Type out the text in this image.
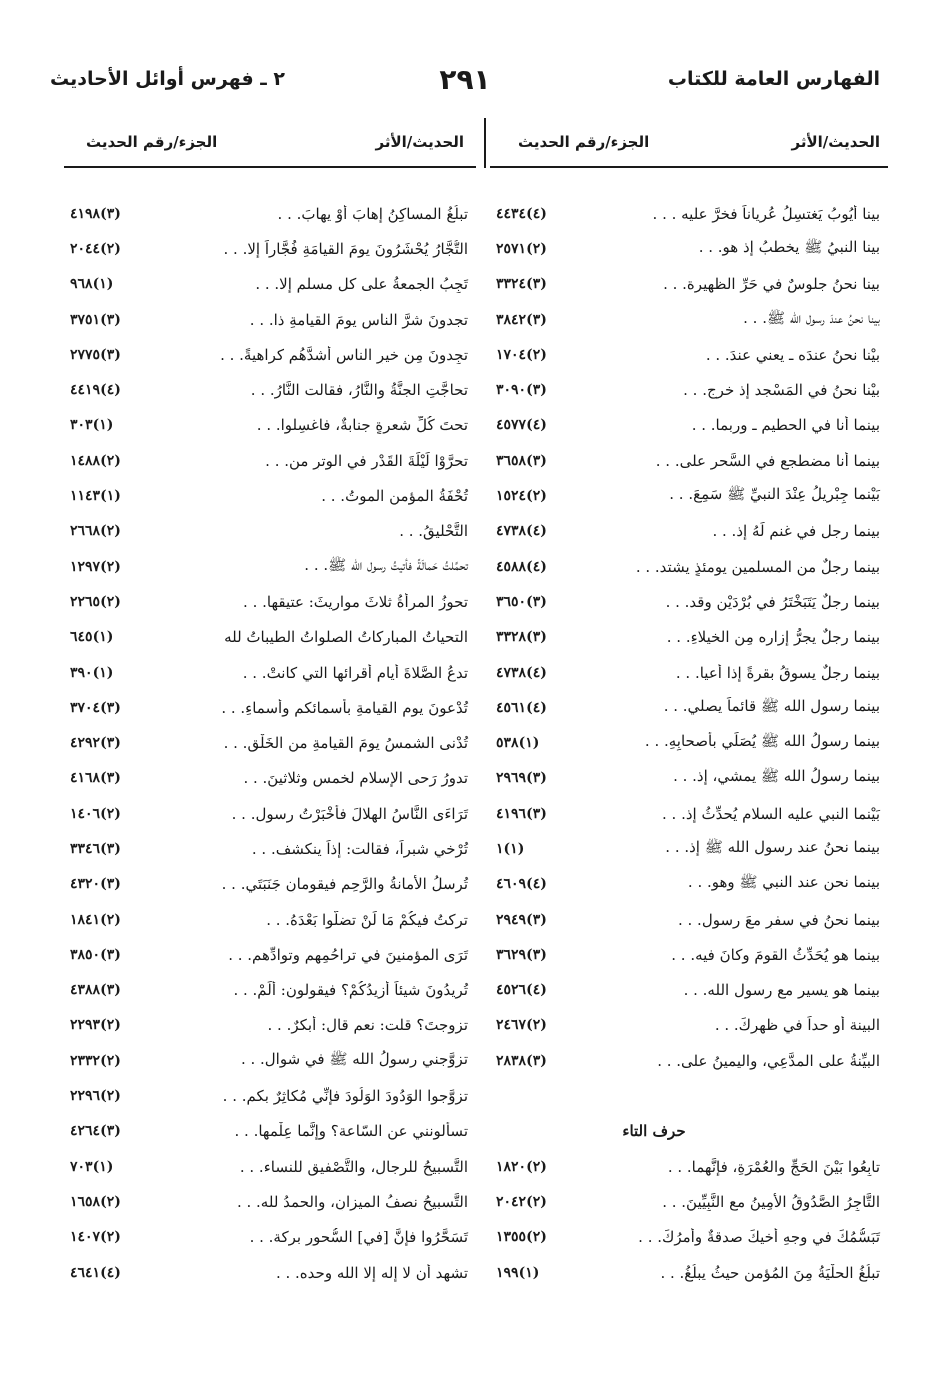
الفهارس العامة للكتاب
٢٩١
٢ ـ فهرس أوائل الأحاديث
الحديث/الأثر
الجزء/رقم الحديث
الحديث/الأثر
الجزء/رقم الحديث
بينا أيُوبُ يَغتسِلُ عُرياناً فخرَّ عليه . . .
(٤)٤٤٣٤
بينا النبيُ ﷺ يخطبُ إذ هو. . .
(٢)٢٥٧١
بينا نحنُ جلوسٌ في حَرِّ الظهيرة. . .
(٣)٣٣٢٤
بينا نحنُ عندَ رسول الله ﷺ. . .
(٣)٣٨٤٢
بيْنا نحنُ عندَه ـ يعني عندَ. . .
(٢)١٧٠٤
بيْنا نحنُ في المَسْجد إذ خرج. . .
(٣)٣٠٩٠
بينما أنا في الحطيم ـ وربما. . .
(٤)٤٥٧٧
بينما أنا مضطجع في السَّحر على. . .
(٣)٣٦٥٨
بَيْنما جِبْريلُ عِنْدَ النبيِّ ﷺ سَمِعَ. . .
(٢)١٥٢٤
بينما رجل في غنمٍ لَهُ إذ. . .
(٤)٤٧٣٨
بينما رجلٌ من المسلمين يومئذٍ يشتد. . .
(٤)٤٥٨٨
بينما رجلٌ يَتَبَخْتَرُ في بُرْدَيْن وقد. . .
(٣)٣٦٥٠
بينما رجلٌ يجرُّ إزاره مِن الخيلاءِ. . .
(٣)٣٣٢٨
بينما رجلٌ يسوقُ بقرةً إذا أعيا. . .
(٤)٤٧٣٨
بينما رسول الله ﷺ قائماً يصلي. . .
(٤)٤٥٦١
بينما رسولُ الله ﷺ يُصَلِّي بأصحابِهِ. . .
(١)٥٣٨
بينما رسولُ الله ﷺ يمشي، إذ. . .
(٣)٢٩٦٩
بَيْنما النبي عليه السلام يُحدِّثُ إذ. . .
(٣)٤١٩٦
بينما نحنُ عند رسول الله ﷺ إذ. . .
(١)١
بينما نحن عند النبي ﷺ وهو. . .
(٤)٤٦٠٩
بينما نحنُ في سفرٍ معَ رسول. . .
(٣)٢٩٤٩
بينما هو يُحَدِّثُ القومَ وكانَ فيه. . .
(٣)٣٦٢٩
بينما هو يسير مع رسول الله. . .
(٤)٤٥٢٦
البينة أو حداً في ظهرِكَ. . .
(٢)٢٤٦٧
البيِّنةُ على المدَّعِي، واليمينُ على. . .
(٣)٢٨٣٨
حرف التاء
تابِعُوا بَيْنَ الحَجِّ والعُمْرَةِ، فإنَّهما. . .
(٢)١٨٢٠
التَّاجِرُ الصَّدُوقُ الأَمِينُ مع النَّبِيِّينَ. . .
(٢)٢٠٤٢
تَبَسُّمُكَ في وجهِ أخيكَ صدقةٌ وأمرُكَ. . .
(٢)١٣٥٥
تبلُغُ الحلْيَةُ مِنَ المُؤمنِ حيثُ يبلُغُ. . .
(١)١٩٩
تبلُغُ المساكِنُ إهابَ أوْ يهابَ. . .
(٣)٤١٩٨
التُّجَّارُ يُحْشَرُونَ يومَ القيامَةِ فُجَّاراً إلا. . .
(٢)٢٠٤٤
تَجِبُ الجمعةُ على كل مسلمٍ إلا. . .
(١)٩٦٨
تجدونَ شرَّ الناسِ يومَ القيامةِ ذا. . .
(٣)٣٧٥١
تجِدونَ مِن خيرِ الناسِ أشدَّهُم كراهيةً. . .
(٣)٢٧٧٥
تحاجَّتِ الجنَّةُ والنَّارُ، فقالت النَّارُ. . .
(٤)٤٤١٩
تحتَ كُلِّ شعرةٍ جنابةٌ، فاغسِلوا. . .
(١)٣٠٣
تحرَّوْا لَيْلَةَ القَدْرِ في الوترِ من. . .
(٢)١٤٨٨
تُحْفَةُ المؤمنِ الموتُ. . .
(١)١١٤٣
التَّحْليقُ. . .
(٢)٢٦٦٨
تحمَّلتُ حَمالَةً فأتيتُ رسول الله ﷺ. . .
(٢)١٢٩٧
تحوزُ المرأةُ ثلاثَ مواريثَ: عتيقها. . .
(٢)٢٢٦٥
التحياتُ المباركاتُ الصلواتُ الطيباتُ لله
(١)٦٤٥
تدعُ الصَّلاةَ أيام أقرائها التي كانتْ. . .
(١)٣٩٠
تُدْعونَ يوم القيامةِ بأسمائكم وأسماءِ. . .
(٣)٣٧٠٤
تُدْنى الشمسُ يومَ القيامةِ من الخَلْقِ. . .
(٣)٤٢٩٢
تدورُ رَحى الإسلامِ لخمسٍ وثلاثينَ. . .
(٣)٤١٦٨
تَرَاءَى النَّاسُ الهِلالَ فأخْبَرْتُ رسول. . .
(٢)١٤٠٦
تُرْخي شبراً، فقالت: إذاً ينكشف. . .
(٣)٣٣٤٦
تُرسلُ الأمانةُ والرَّحِمِ فيقومانِ جَنَبَتَي. . .
(٣)٤٣٢٠
تركتُ فيكُمْ مَا لَنْ تضلُّوا بَعْدَهُ. . .
(٢)١٨٤١
تَرَى المؤمنينَ في تراحُمِهِم وتوادِّهم. . .
(٣)٣٨٥٠
تُريدُونَ شيئاً أزيدُكُمْ؟ فيقولون: أَلَمْ. . .
(٣)٤٣٨٨
تزوجتَ؟ قلت: نعم قال: أبكرٌ. . .
(٢)٢٢٩٣
تزوَّجني رسولُ الله ﷺ في شوال. . .
(٢)٢٣٣٢
تزوَّجوا الوَدُودَ الوَلُودَ فإنِّي مُكاثِرٌ بكم. . .
(٢)٢٢٩٦
تسألونني عن السّاعة؟ وإنَّما عِلْمها. . .
(٣)٤٢٦٤
التَّسبيحُ للرجال، والتَّصْفيق للنساء. . .
(١)٧٠٣
التَّسبيحُ نصفُ الميزانِ، والحمدُ لله. . .
(٢)١٦٥٨
تَسَحَّرُوا فإنَّ [في] السُّحورِ بركة. . .
(٢)١٤٠٧
تشهد أن لا إله إلا الله وحده. . .
(٤)٤٦٤١
